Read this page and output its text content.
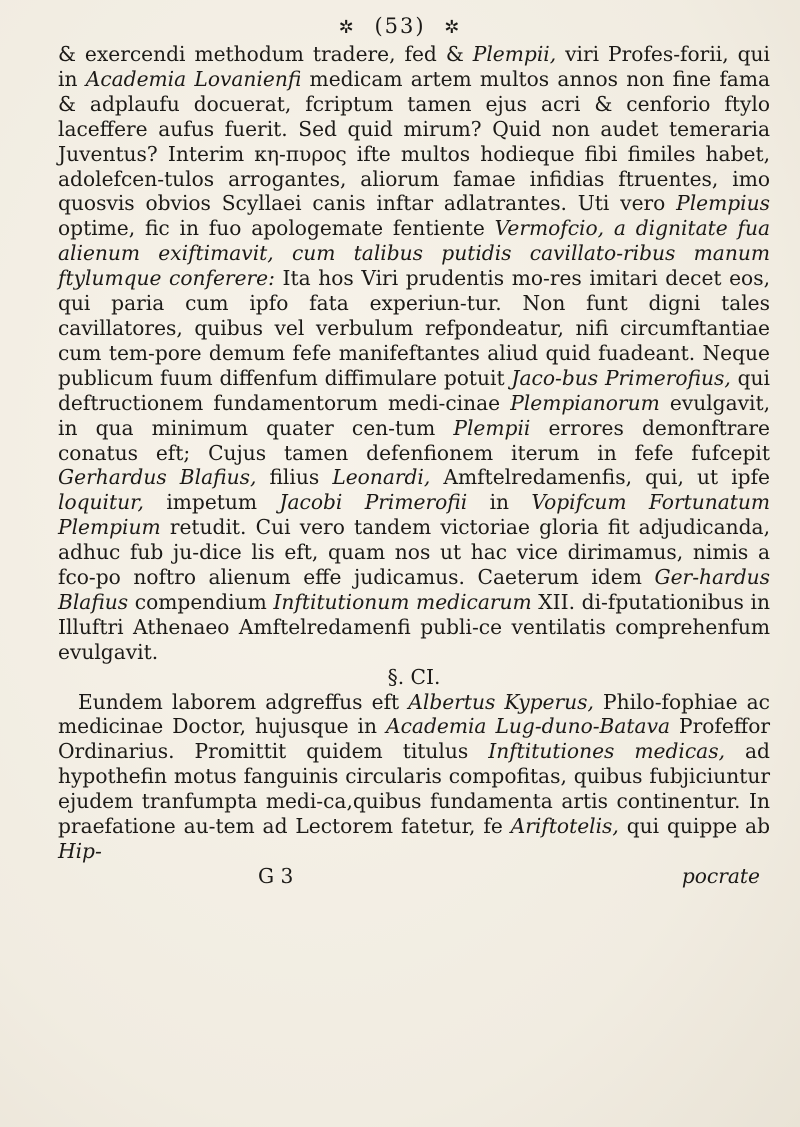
✲ (53) ✲

& exercendi methodum tradere, fed & Plempii, viri Profes-forii, qui in Academia Lovanienfi medicam artem multos annos non fine fama & adplaufu docuerat, fcriptum tamen ejus acri & cenforio ftylo laceffere aufus fuerit. Sed quid mirum? Quid non audet temeraria Juventus? Interim κη-πυρος ifte multos hodieque fibi fimiles habet, adolefcen-tulos arrogantes, aliorum famae infidias ftruentes, imo quosvis obvios Scyllaei canis inftar adlatrantes. Uti vero Plempius optime, fic in fuo apologemate fentiente Vermofcio, a dignitate fua alienum exiftimavit, cum talibus putidis cavillato-ribus manum ftylumque conferere: Ita hos Viri prudentis mo-res imitari decet eos, qui paria cum ipfo fata experiun-tur. Non funt digni tales cavillatores, quibus vel verbulum refpondeatur, nifi circumftantiae cum tem-pore demum fefe manifeftantes aliud quid fuadeant. Neque publicum fuum diffenfum diffimulare potuit Jaco-bus Primerofius, qui deftructionem fundamentorum medi-cinae Plempianorum evulgavit, in qua minimum quater cen-tum Plempii errores demonftrare conatus eft; Cujus tamen defenfionem iterum in fefe fufcepit Gerhardus Blafius, filius Leonardi, Amftelredamenfis, qui, ut ipfe loquitur, impetum Jacobi Primerofii in Vopifcum Fortunatum Plempium retudit. Cui vero tandem victoriae gloria fit adjudicanda, adhuc fub ju-dice lis eft, quam nos ut hac vice dirimamus, nimis a fco-po noftro alienum effe judicamus. Caeterum idem Ger-hardus Blafius compendium Inftitutionum medicarum XII. di-fputationibus in Illuftri Athenaeo Amftelredamenfi publi-ce ventilatis comprehenfum evulgavit.

§. CI.

Eundem laborem adgreffus eft Albertus Kyperus, Philo-fophiae ac medicinae Doctor, hujusque in Academia Lug-duno-Batava Profeffor Ordinarius. Promittit quidem titulus Inftitutiones medicas, ad hypothefin motus fanguinis circularis compofitas, quibus fubjiciuntur ejudem tranfumpta medi-ca,quibus fundamenta artis continentur. In praefatione au-tem ad Lectorem fatetur, fe Ariftotelis, qui quippe ab Hip-

G 3	pocrate
